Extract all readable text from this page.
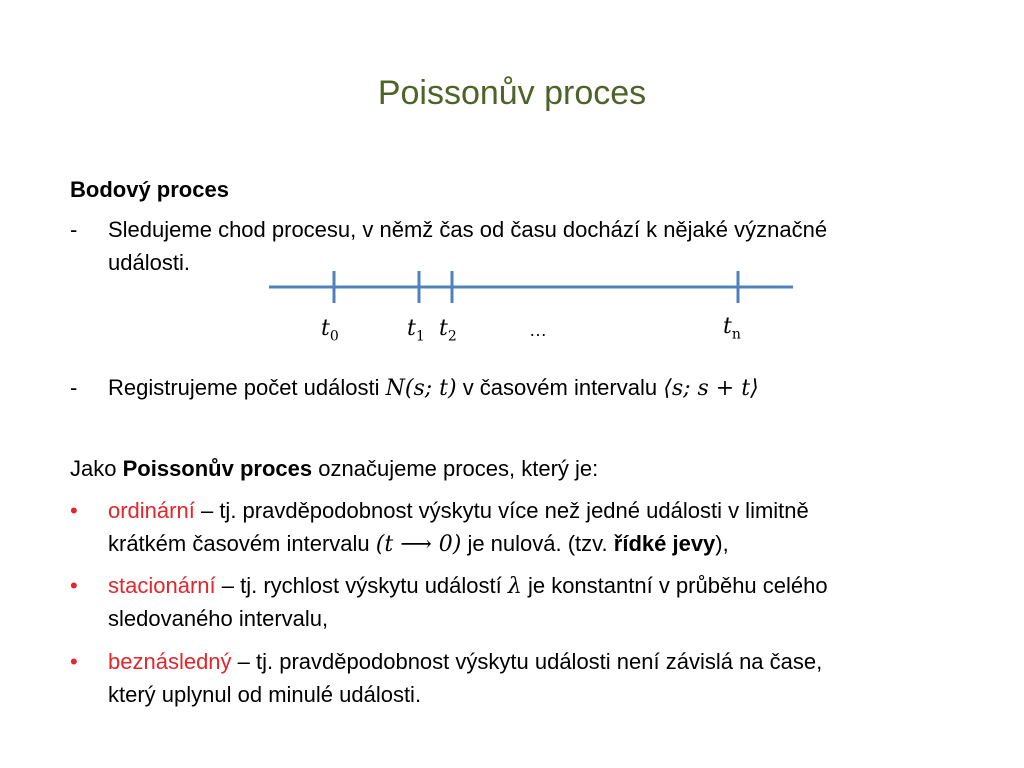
Poissonův proces
Bodový proces
- Sledujeme chod procesu, v němž čas od času dochází k nějaké význačné
události.
$t_0$	$t_1$ $t_2$	…	$t_n$
- Registrujeme počet události N(s; t) v časovém intervalu ⟨s; s + t⟩
Jako Poissonův proces označujeme proces, který je:
• ordinární – tj. pravděpodobnost výskytu více než jedné události v limitně
krátkém časovém intervalu (t ⟶ 0) je nulová. (tzv. řídké jevy),
• stacionární – tj. rychlost výskytu událostí λ je konstantní v průběhu celého
sledovaného intervalu,
• beznásledný – tj. pravděpodobnost výskytu události není závislá na čase,
který uplynul od minulé události.
